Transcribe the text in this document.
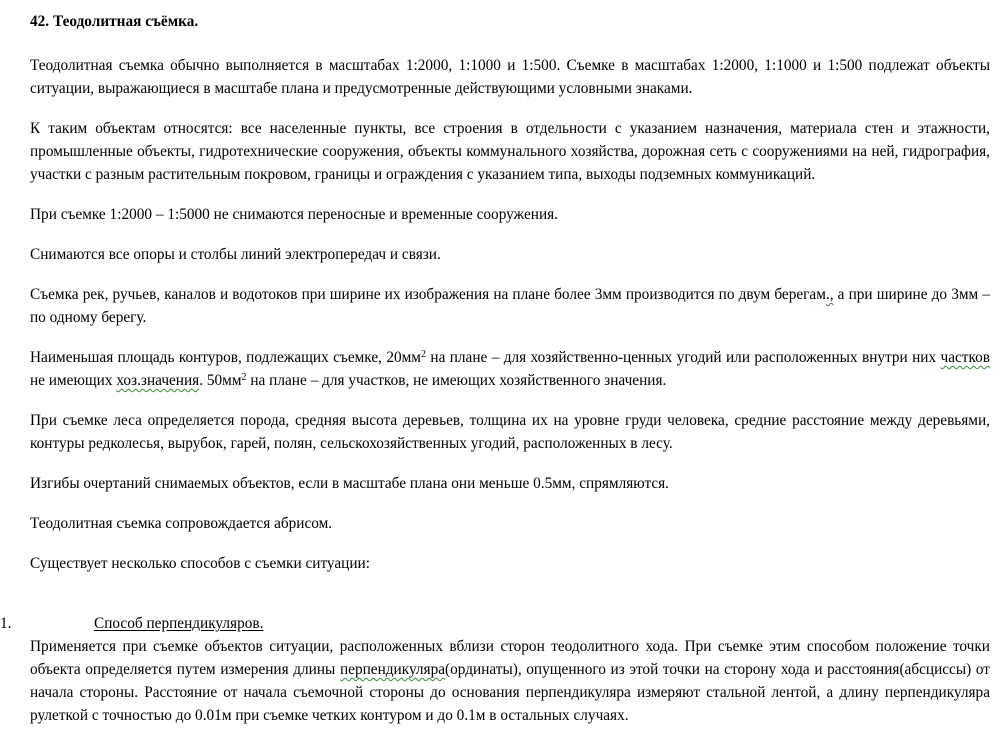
42. Теодолитная съёмка.

Теодолитная съемка обычно выполняется в масштабах 1:2000, 1:1000 и 1:500. Съемке в масштабах 1:2000, 1:1000 и 1:500 подлежат объекты ситуации, выражающиеся в масштабе плана и предусмотренные действующими условными знаками.

К таким объектам относятся: все населенные пункты, все строения в отдельности с указанием назначения, материала стен и этажности, промышленные объекты, гидротехнические сооружения, объекты коммунального хозяйства, дорожная сеть с сооружениями на ней, гидрография, участки с разным растительным покровом, границы и ограждения с указанием типа, выходы подземных коммуникаций.

При съемке 1:2000 – 1:5000 не снимаются переносные и временные сооружения.

Снимаются все опоры и столбы линий электропередач и связи.

Съемка рек, ручьев, каналов и водотоков при ширине их изображения на плане более 3мм производится по двум берегам., а при ширине до 3мм – по одному берегу.

Наименьшая площадь контуров, подлежащих съемке, $20мм^2$ на плане – для хозяйственно-ценных угодий или расположенных внутри них частков не имеющих хоз.значения. $50мм^2$ на плане – для участков, не имеющих хозяйственного значения.

При съемке леса определяется порода, средняя высота деревьев, толщина их на уровне груди человека, средние расстояние между деревьями, контуры редколесья, вырубок, гарей, полян, сельскохозяйственных угодий, расположенных в лесу.

Изгибы очертаний снимаемых объектов, если в масштабе плана они меньше 0.5мм, спрямляются.

Теодолитная съемка сопровождается абрисом.

Существует несколько способов с съемки ситуации:

1.	Способ перпендикуляров.
Применяется при съемке объектов ситуации, расположенных вблизи сторон теодолитного хода. При съемке этим способом положение точки объекта определяется путем измерения длины перпендикуляра(ординаты), опущенного из этой точки на сторону хода и расстояния(абсциссы) от начала стороны. Расстояние от начала съемочной стороны до основания перпендикуляра измеряют стальной лентой, а длину перпендикуляра рулеткой с точностью до 0.01м при съемке четких контуром и до 0.1м в остальных случаях.
